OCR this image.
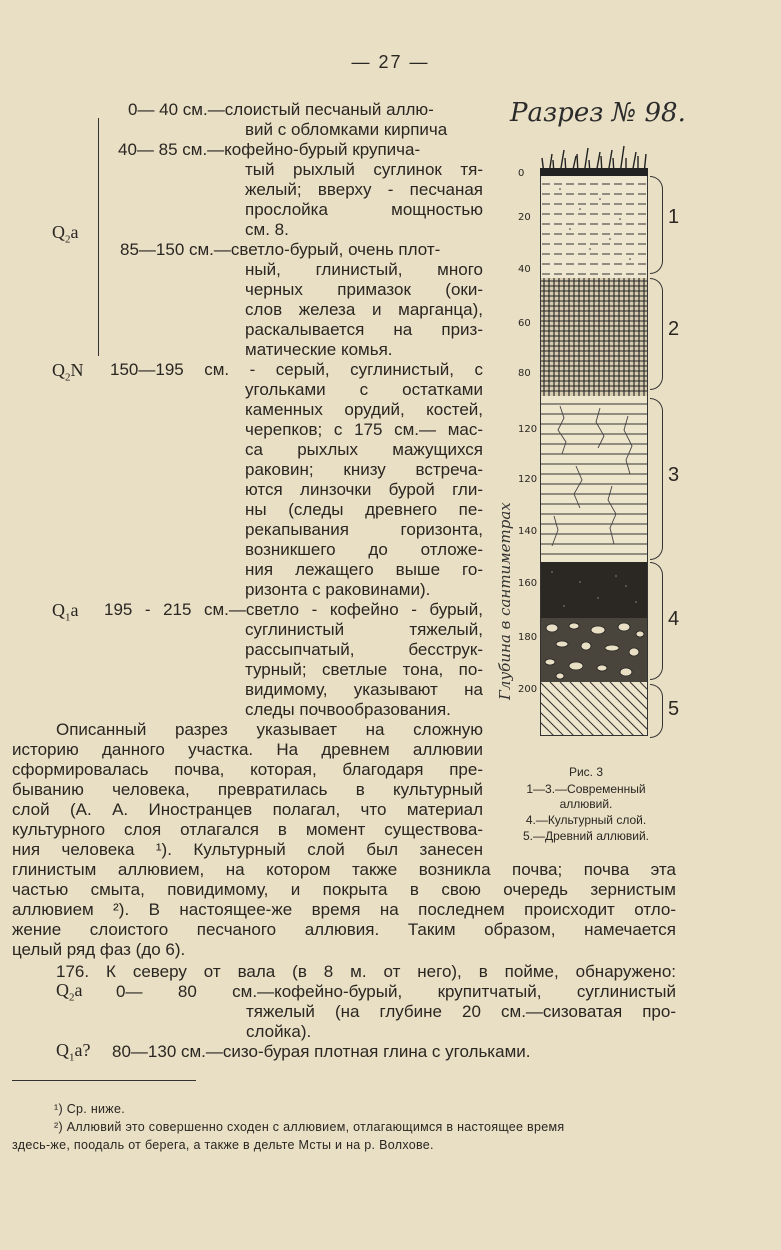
— 27 —
$Q_2a$
$Q_2N$
$Q_1a$
0— 40 см.—слоистый песчаный аллю-
вий с обломками кирпича
40— 85 см.—кофейно-бурый крупича-
тый рыхлый суглинок тя-
желый; вверху - песчаная
прослойка мощностью
см. 8.
85—150 см.—светло-бурый, очень плот-
ный, глинистый, много
черных примазок (оки-
слов железа и марганца),
раскалывается на приз-
матические комья.
150—195 см. - серый, суглинистый, с
угольками с остатками
каменных орудий, костей,
черепков; с 175 см.— мас-
са рыхлых мажущихся
раковин; книзу встреча-
ются линзочки бурой гли-
ны (следы древнего пе-
рекапывания горизонта,
возникшего до отложе-
ния лежащего выше го-
ризонта с раковинами).
195 - 215 см.—светло - кофейно - бурый,
суглинистый тяжелый,
рассыпчатый, бесструк-
турный; светлые тона, по-
видимому, указывают на
следы почвообразования.
Описанный разрез указывает на сложную
историю данного участка. На древнем аллювии
сформировалась почва, которая, благодаря пре-
быванию человека, превратилась в культурный
слой (А. А. Иностранцев полагал, что материал
культурного слоя отлагался в момент существова-
ния человека ¹). Культурный слой был занесен
глинистым аллювием, на котором также возникла почва; почва эта
частью смыта, повидимому, и покрыта в свою очередь зернистым
аллювием ²). В настоящее-же время на последнем происходит отло-
жение слоистого песчаного аллювия. Таким образом, намечается
целый ряд фаз (до 6).
176. К северу от вала (в 8 м. от него), в пойме, обнаружено:
$Q_2a$ 0— 80 см.—кофейно-бурый, крупитчатый, суглинистый
тяжелый (на глубине 20 см.—сизоватая про-
слойка).
$Q_1a$? 80—130 см.—сизо-бурая плотная глина с угольками.
¹) Ср. ниже.
²) Аллювий это совершенно сходен с аллювием, отлагающимся в настоящее время
здесь-же, поодаль от берега, а также в дельте Мсты и на р. Волхове.
Разрез № 98.
0
20
40
60
80
120
120
140
160
180
200
Глубина в сантиметрах
1
2
3
4
5
Рис. 3
1—3.—Современный
аллювий.
4.—Культурный слой.
5.—Древний аллювий.
